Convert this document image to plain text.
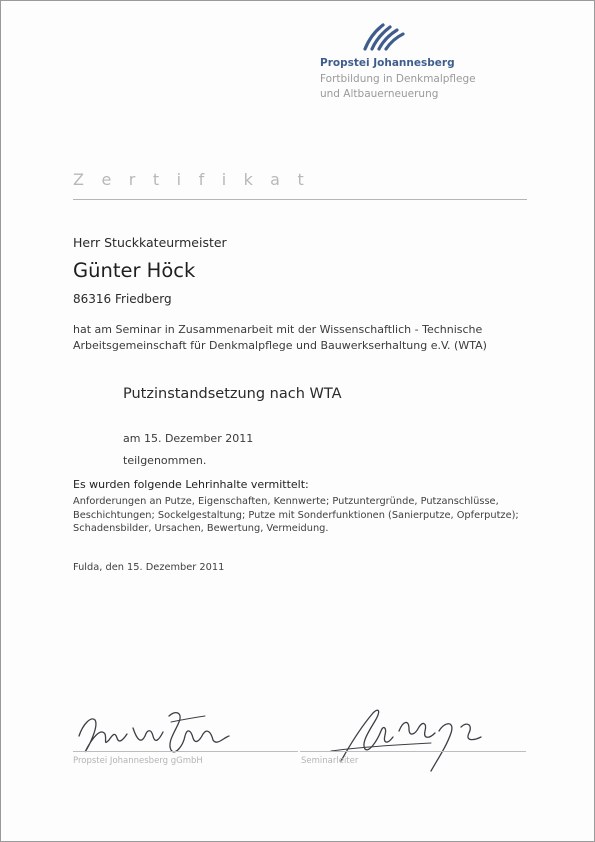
Propstei Johannesberg
Fortbildung in Denkmalpflege
und Altbauerneuerung
Zertifikat
Herr Stuckkateurmeister
Günter Höck
86316 Friedberg
hat am Seminar in Zusammenarbeit mit der Wissenschaftlich - Technische
Arbeitsgemeinschaft für Denkmalpflege und Bauwerkserhaltung e.V. (WTA)
Putzinstandsetzung nach WTA
am 15. Dezember 2011
teilgenommen.
Es wurden folgende Lehrinhalte vermittelt:
Anforderungen an Putze, Eigenschaften, Kennwerte; Putzuntergründe, Putzanschlüsse,
Beschichtungen; Sockelgestaltung; Putze mit Sonderfunktionen (Sanierputze, Opferputze);
Schadensbilder, Ursachen, Bewertung, Vermeidung.
Fulda, den 15. Dezember 2011
Propstei Johannesberg gGmbH	Seminarleiter
